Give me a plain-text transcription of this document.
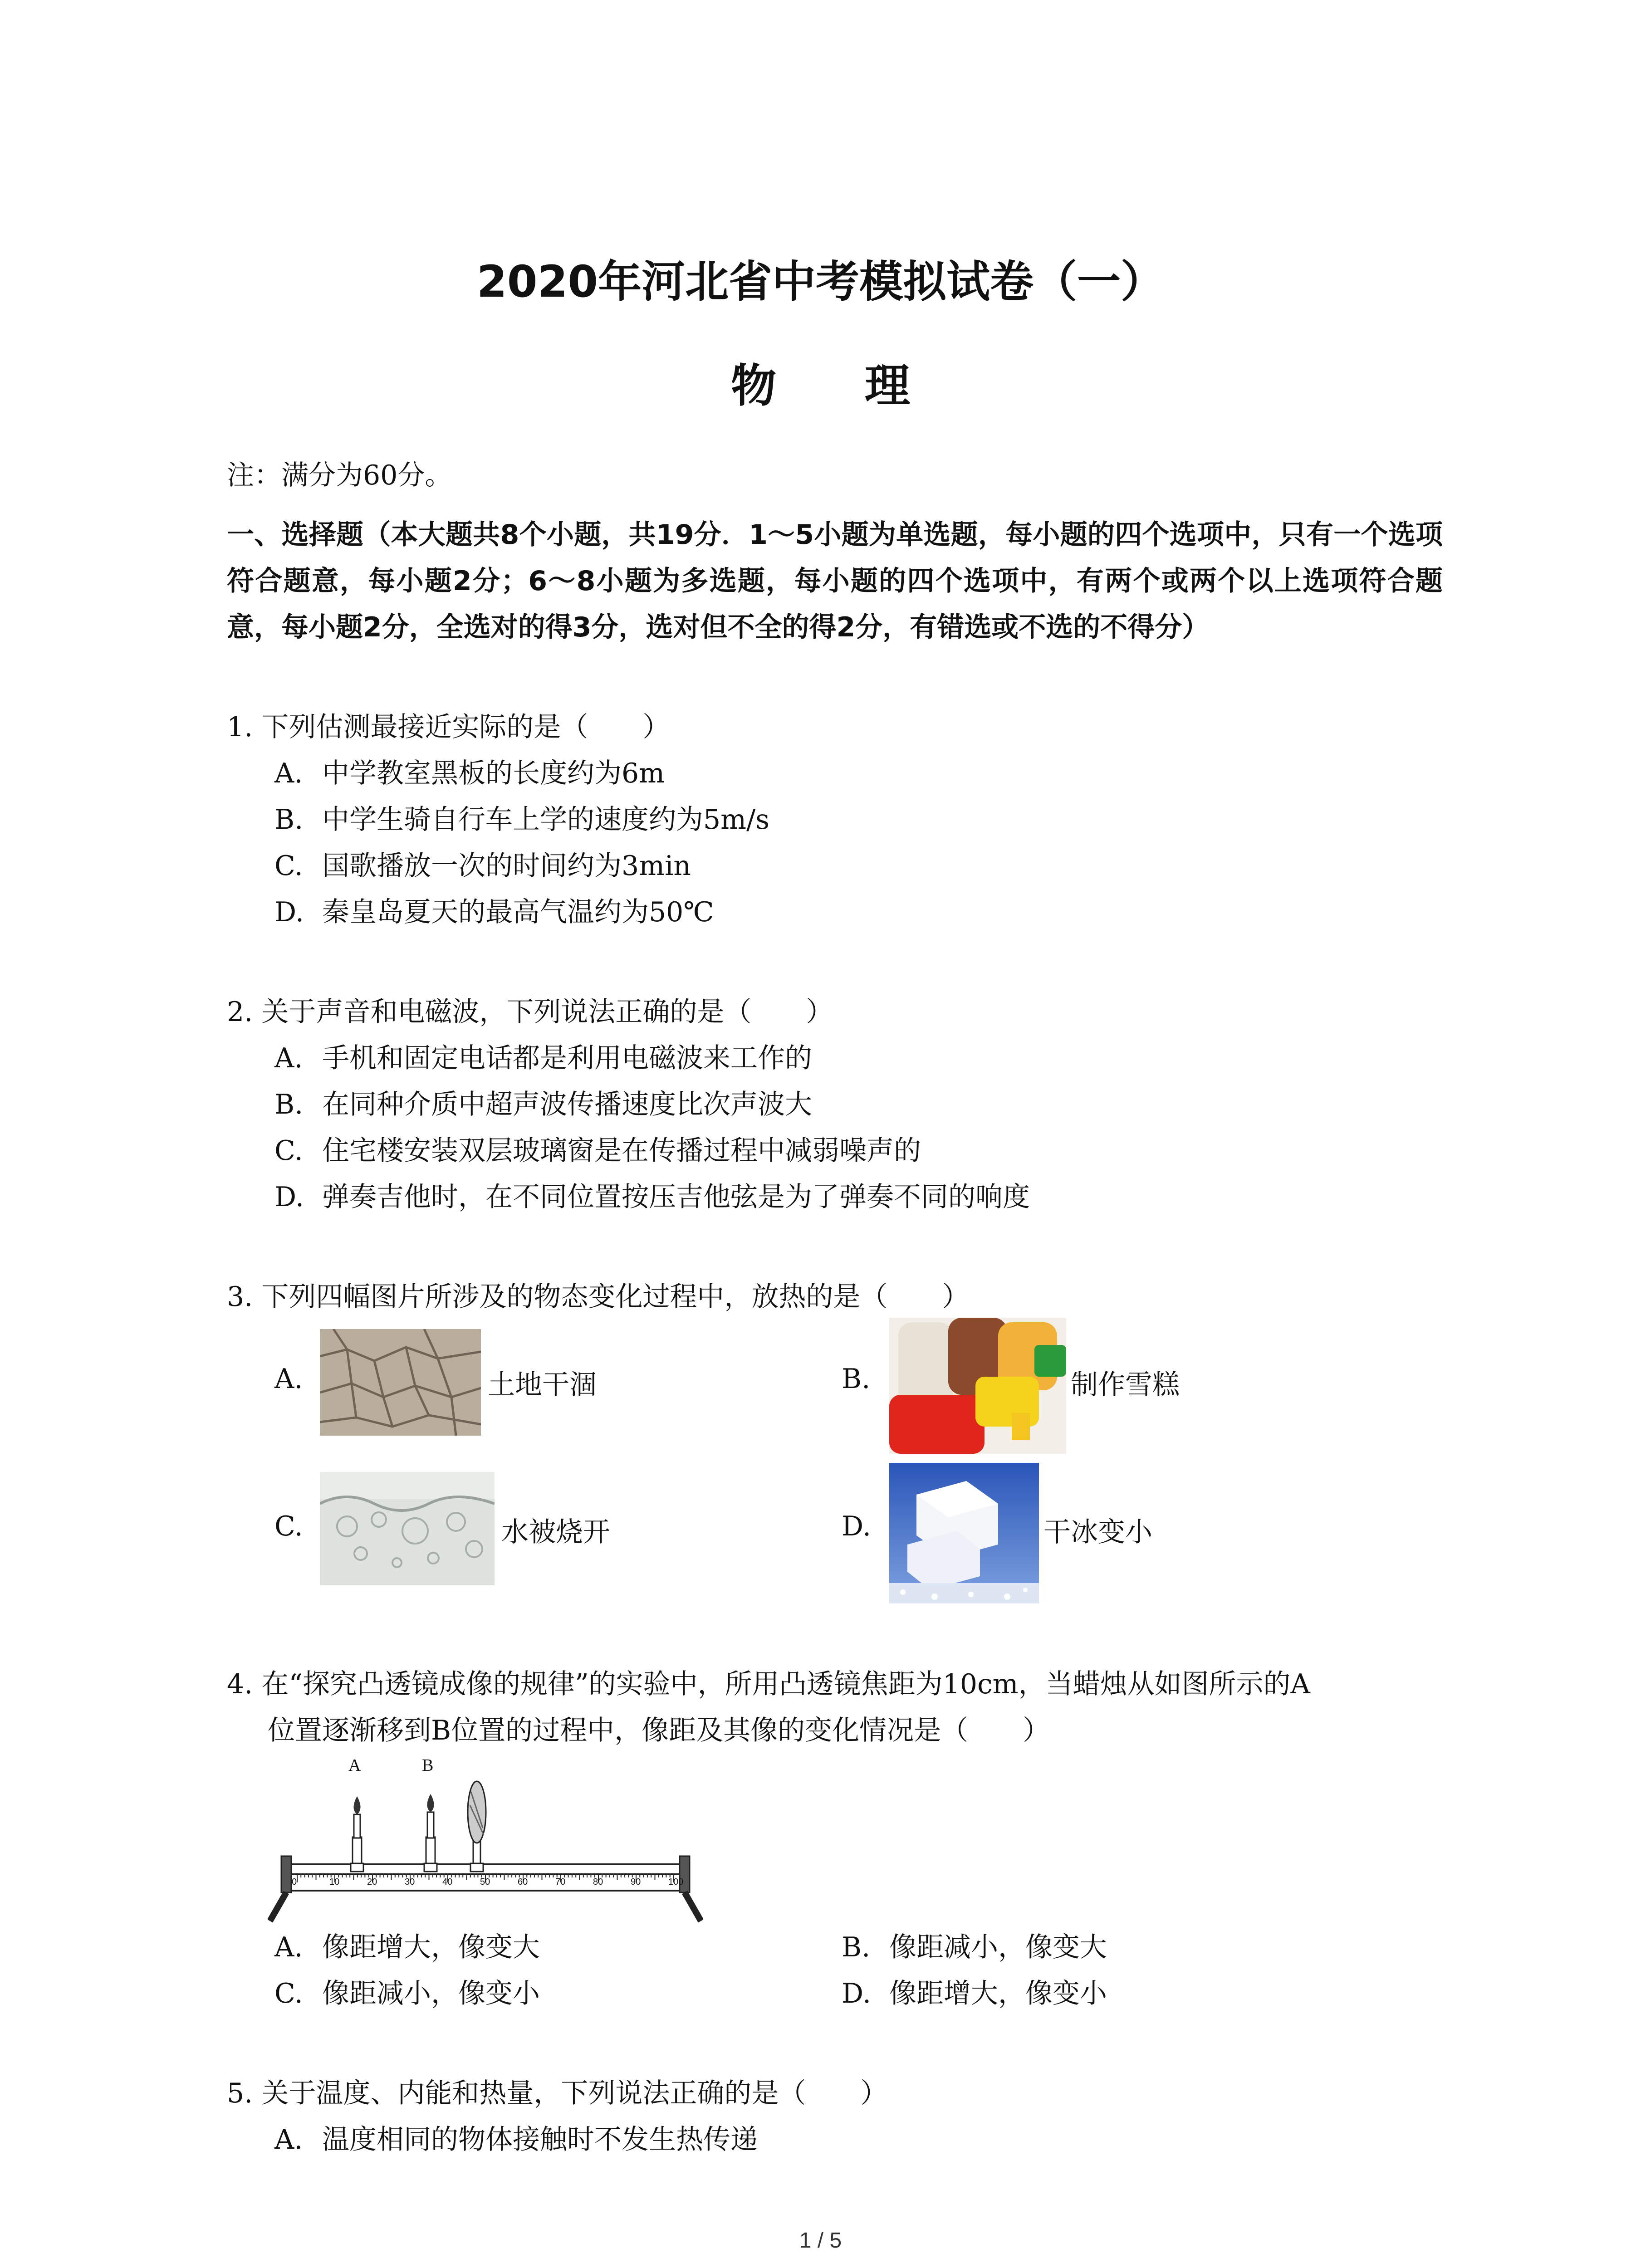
2020年河北省中考模拟试卷（一）
物 理
注：满分为60分。
一、选择题（本大题共8个小题，共19分．1～5小题为单选题，每小题的四个选项中，只有一个选项符合题意，每小题2分；6～8小题为多选题，每小题的四个选项中，有两个或两个以上选项符合题意，每小题2分，全选对的得3分，选对但不全的得2分，有错选或不选的不得分）
1. 下列估测最接近实际的是（　　）
A. 中学教室黑板的长度约为6m
B. 中学生骑自行车上学的速度约为5m/s
C. 国歌播放一次的时间约为3min
D. 秦皇岛夏天的最高气温约为50℃
2. 关于声音和电磁波，下列说法正确的是（　　）
A. 手机和固定电话都是利用电磁波来工作的
B. 在同种介质中超声波传播速度比次声波大
C. 住宅楼安装双层玻璃窗是在传播过程中减弱噪声的
D. 弹奏吉他时，在不同位置按压吉他弦是为了弹奏不同的响度
3. 下列四幅图片所涉及的物态变化过程中，放热的是（　　）
A.	土地干涸	B.	制作雪糕
C.	水被烧开	D.	干冰变小
4. 在“探究凸透镜成像的规律”的实验中，所用凸透镜焦距为10cm，当蜡烛从如图所示的A
位置逐渐移到B位置的过程中，像距及其像的变化情况是（　　）
A	B
0	10	20	30	40	50	60	70	80	90	100
A. 像距增大，像变大	B. 像距减小，像变大
C. 像距减小，像变小	D. 像距增大，像变小
5. 关于温度、内能和热量，下列说法正确的是（　　）
A. 温度相同的物体接触时不发生热传递
1 / 5
